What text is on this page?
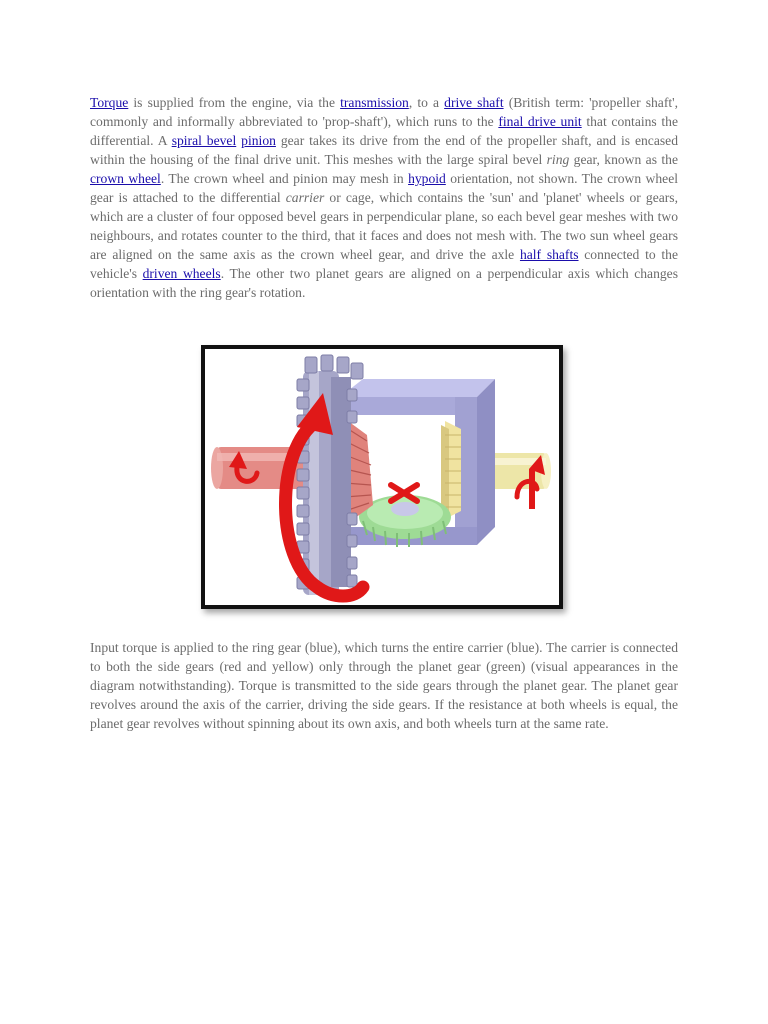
Torque is supplied from the engine, via the transmission, to a drive shaft (British term: 'propeller shaft', commonly and informally abbreviated to 'prop-shaft'), which runs to the final drive unit that contains the differential. A spiral bevel pinion gear takes its drive from the end of the propeller shaft, and is encased within the housing of the final drive unit. This meshes with the large spiral bevel ring gear, known as the crown wheel. The crown wheel and pinion may mesh in hypoid orientation, not shown. The crown wheel gear is attached to the differential carrier or cage, which contains the 'sun' and 'planet' wheels or gears, which are a cluster of four opposed bevel gears in perpendicular plane, so each bevel gear meshes with two neighbours, and rotates counter to the third, that it faces and does not mesh with. The two sun wheel gears are aligned on the same axis as the crown wheel gear, and drive the axle half shafts connected to the vehicle's driven wheels. The other two planet gears are aligned on a perpendicular axis which changes orientation with the ring gear's rotation.
Input torque is applied to the ring gear (blue), which turns the entire carrier (blue). The carrier is connected to both the side gears (red and yellow) only through the planet gear (green) (visual appearances in the diagram notwithstanding). Torque is transmitted to the side gears through the planet gear. The planet gear revolves around the axis of the carrier, driving the side gears. If the resistance at both wheels is equal, the planet gear revolves without spinning about its own axis, and both wheels turn at the same rate.
